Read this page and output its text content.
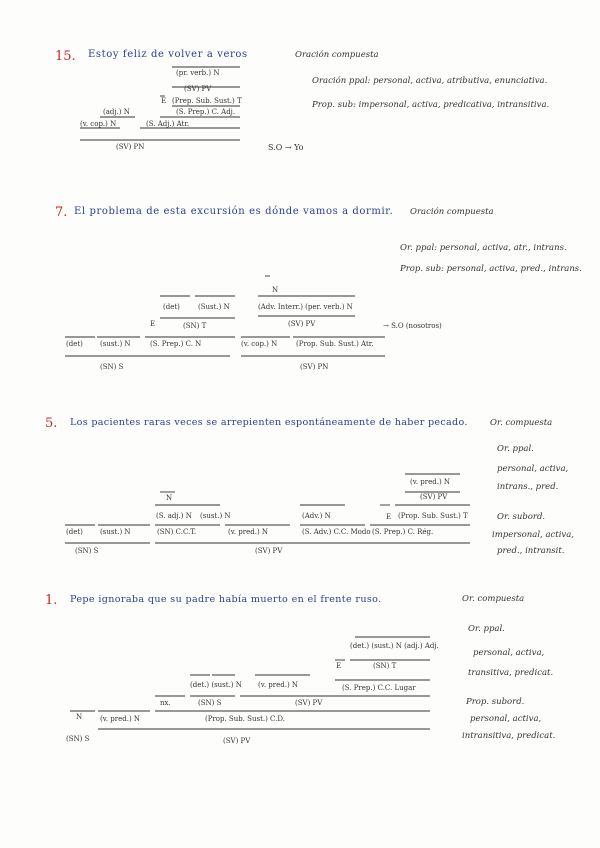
15. Estoy feliz de volver a veros	Oración compuesta
Oración ppal: personal, activa, atributiva, enunciativa.
Prop. sub: impersonal, activa, predicativa, intransitiva.
(pr. verb.) N
(SV) PV
(Prep. Sub. Sust.) T
E
(S. Prep.) C. Adj.
(adj.) N
(v. cop.) N	(S. Adj.) Atr.
(SV) PN	S.O → Yo
7. El problema de esta excursión es dónde vamos a dormir. Oración compuesta
Or. ppal: personal, activa, atr., intrans.
Prop. sub: personal, activa, pred., intrans.
N
(det)	(Sust.) N	(Adv. Interr.) (per. verb.) N
E	(SN) T	(SV) PV	→ S.O (nosotros)
(det) (sust.) N	(S. Prep.) C. N	(v. cop.) N	(Prop. Sub. Sust.) Atr.
(SN) S	(SV) PN
5. Los pacientes raras veces se arrepienten espontáneamente de haber pecado.	Or. compuesta
Or. ppal.
personal, activa,
intrans., pred.
Or. subord.
impersonal, activa,
pred., intransit.
(v. pred.) N
(SV) PV
N
(S. adj.) N (sust.) N	(Adv.) N	E (Prop. Sub. Sust.) T
(det) (sust.) N	(SN) C.C.T.	(v. pred.) N	(S. Adv.) C.C. Modo (S. Prep.) C. Rég.
(SN) S	(SV) PV
1. Pepe ignoraba que su padre había muerto en el frente ruso.	Or. compuesta
Or. ppal.
personal, activa,
transitiva, predicat.
Prop. subord.
personal, activa,
intransitiva, predicat.
(det.) (sust.) N (adj.) Adj.
E	(SN) T
(det.) (sust.) N (v. pred.) N	(S. Prep.) C.C. Lugar
nx.	(SN) S	(SV) PV
N	(v. pred.) N	(Prop. Sub. Sust.) C.D.
(SN) S	(SV) PV
